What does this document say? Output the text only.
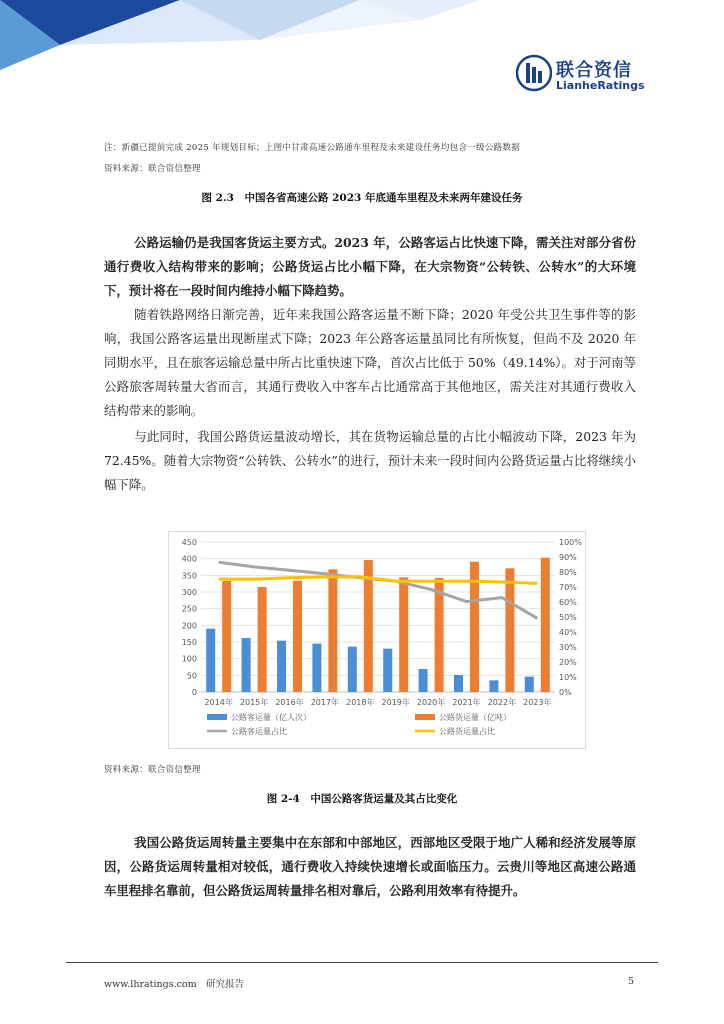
联合资信
LianheRatings
注：新疆已提前完成 2025 年规划目标；上图中甘肃高速公路通车里程及未来建设任务均包含一级公路数据
资料来源：联合资信整理
图 2.3　中国各省高速公路 2023 年底通车里程及未来两年建设任务

公路运输仍是我国客货运主要方式。2023 年，公路客运占比快速下降，需关注对部分省份通行费收入结构带来的影响；公路货运占比小幅下降，在大宗物资“公转铁、公转水”的大环境下，预计将在一段时间内维持小幅下降趋势。

随着铁路网络日渐完善，近年来我国公路客运量不断下降；2020 年受公共卫生事件等的影响，我国公路客运量出现断崖式下降；2023 年公路客运量虽同比有所恢复，但尚不及 2020 年同期水平，且在旅客运输总量中所占比重快速下降，首次占比低于 50%（49.14%）。对于河南等公路旅客周转量大省而言，其通行费收入中客车占比通常高于其他地区，需关注对其通行费收入结构带来的影响。

与此同时，我国公路货运量波动增长，其在货物运输总量的占比小幅波动下降，2023 年为 72.45%。随着大宗物资“公转铁、公转水”的进行，预计未来一段时间内公路货运量占比将继续小幅下降。

0
50
100
150
200
250
300
350
400
450
0%
10%
20%
30%
40%
50%
60%
70%
80%
90%
100%
2014年 2015年 2016年 2017年 2018年 2019年 2020年 2021年 2022年 2023年
公路客运量（亿人次）	公路货运量（亿吨）
公路客运量占比	公路货运量占比
资料来源：联合资信整理
图 2-4　中国公路客货运量及其占比变化

我国公路货运周转量主要集中在东部和中部地区，西部地区受限于地广人稀和经济发展等原因，公路货运周转量相对较低，通行费收入持续快速增长或面临压力。云贵川等地区高速公路通车里程排名靠前，但公路货运周转量排名相对靠后，公路利用效率有待提升。

www.lhratings.com　研究报告	5
